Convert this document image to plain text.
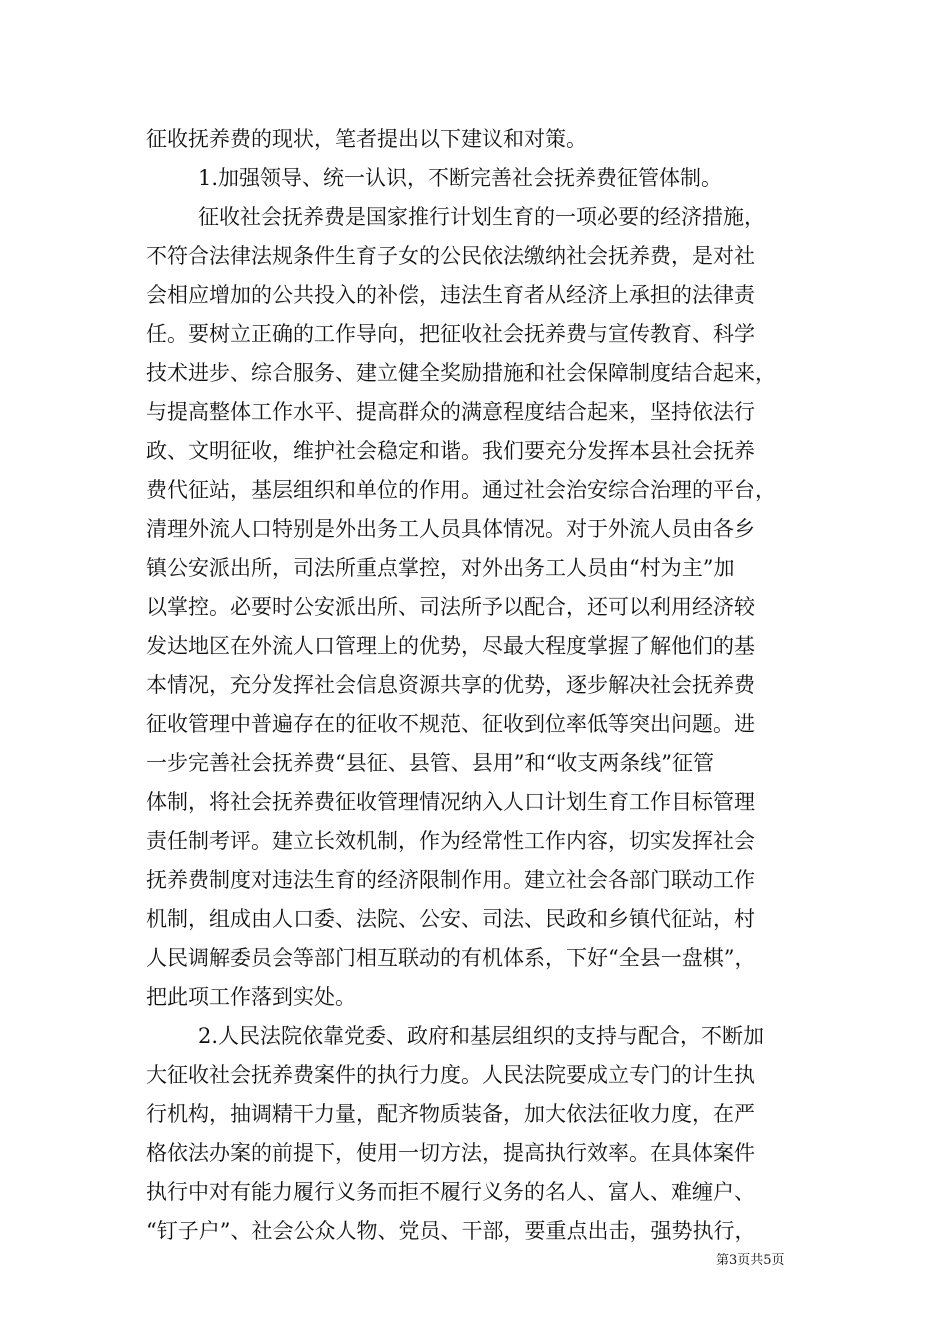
征收抚养费的现状，笔者提出以下建议和对策。
1.加强领导、统一认识，不断完善社会抚养费征管体制。
征收社会抚养费是国家推行计划生育的一项必要的经济措施，
不符合法律法规条件生育子女的公民依法缴纳社会抚养费，是对社
会相应增加的公共投入的补偿，违法生育者从经济上承担的法律责
任。要树立正确的工作导向，把征收社会抚养费与宣传教育、科学
技术进步、综合服务、建立健全奖励措施和社会保障制度结合起来，
与提高整体工作水平、提高群众的满意程度结合起来，坚持依法行
政、文明征收，维护社会稳定和谐。我们要充分发挥本县社会抚养
费代征站，基层组织和单位的作用。通过社会治安综合治理的平台，
清理外流人口特别是外出务工人员具体情况。对于外流人员由各乡
镇公安派出所，司法所重点掌控，对外出务工人员由“村为主”加
以掌控。必要时公安派出所、司法所予以配合，还可以利用经济较
发达地区在外流人口管理上的优势，尽最大程度掌握了解他们的基
本情况，充分发挥社会信息资源共享的优势，逐步解决社会抚养费
征收管理中普遍存在的征收不规范、征收到位率低等突出问题。进
一步完善社会抚养费“县征、县管、县用”和“收支两条线”征管
体制，将社会抚养费征收管理情况纳入人口计划生育工作目标管理
责任制考评。建立长效机制，作为经常性工作内容，切实发挥社会
抚养费制度对违法生育的经济限制作用。建立社会各部门联动工作
机制，组成由人口委、法院、公安、司法、民政和乡镇代征站，村
人民调解委员会等部门相互联动的有机体系，下好“全县一盘棋”，
把此项工作落到实处。
2.人民法院依靠党委、政府和基层组织的支持与配合，不断加
大征收社会抚养费案件的执行力度。人民法院要成立专门的计生执
行机构，抽调精干力量，配齐物质装备，加大依法征收力度，在严
格依法办案的前提下，使用一切方法，提高执行效率。在具体案件
执行中对有能力履行义务而拒不履行义务的名人、富人、难缠户、
“钉子户”、社会公众人物、党员、干部，要重点出击，强势执行，
第3页共5页
